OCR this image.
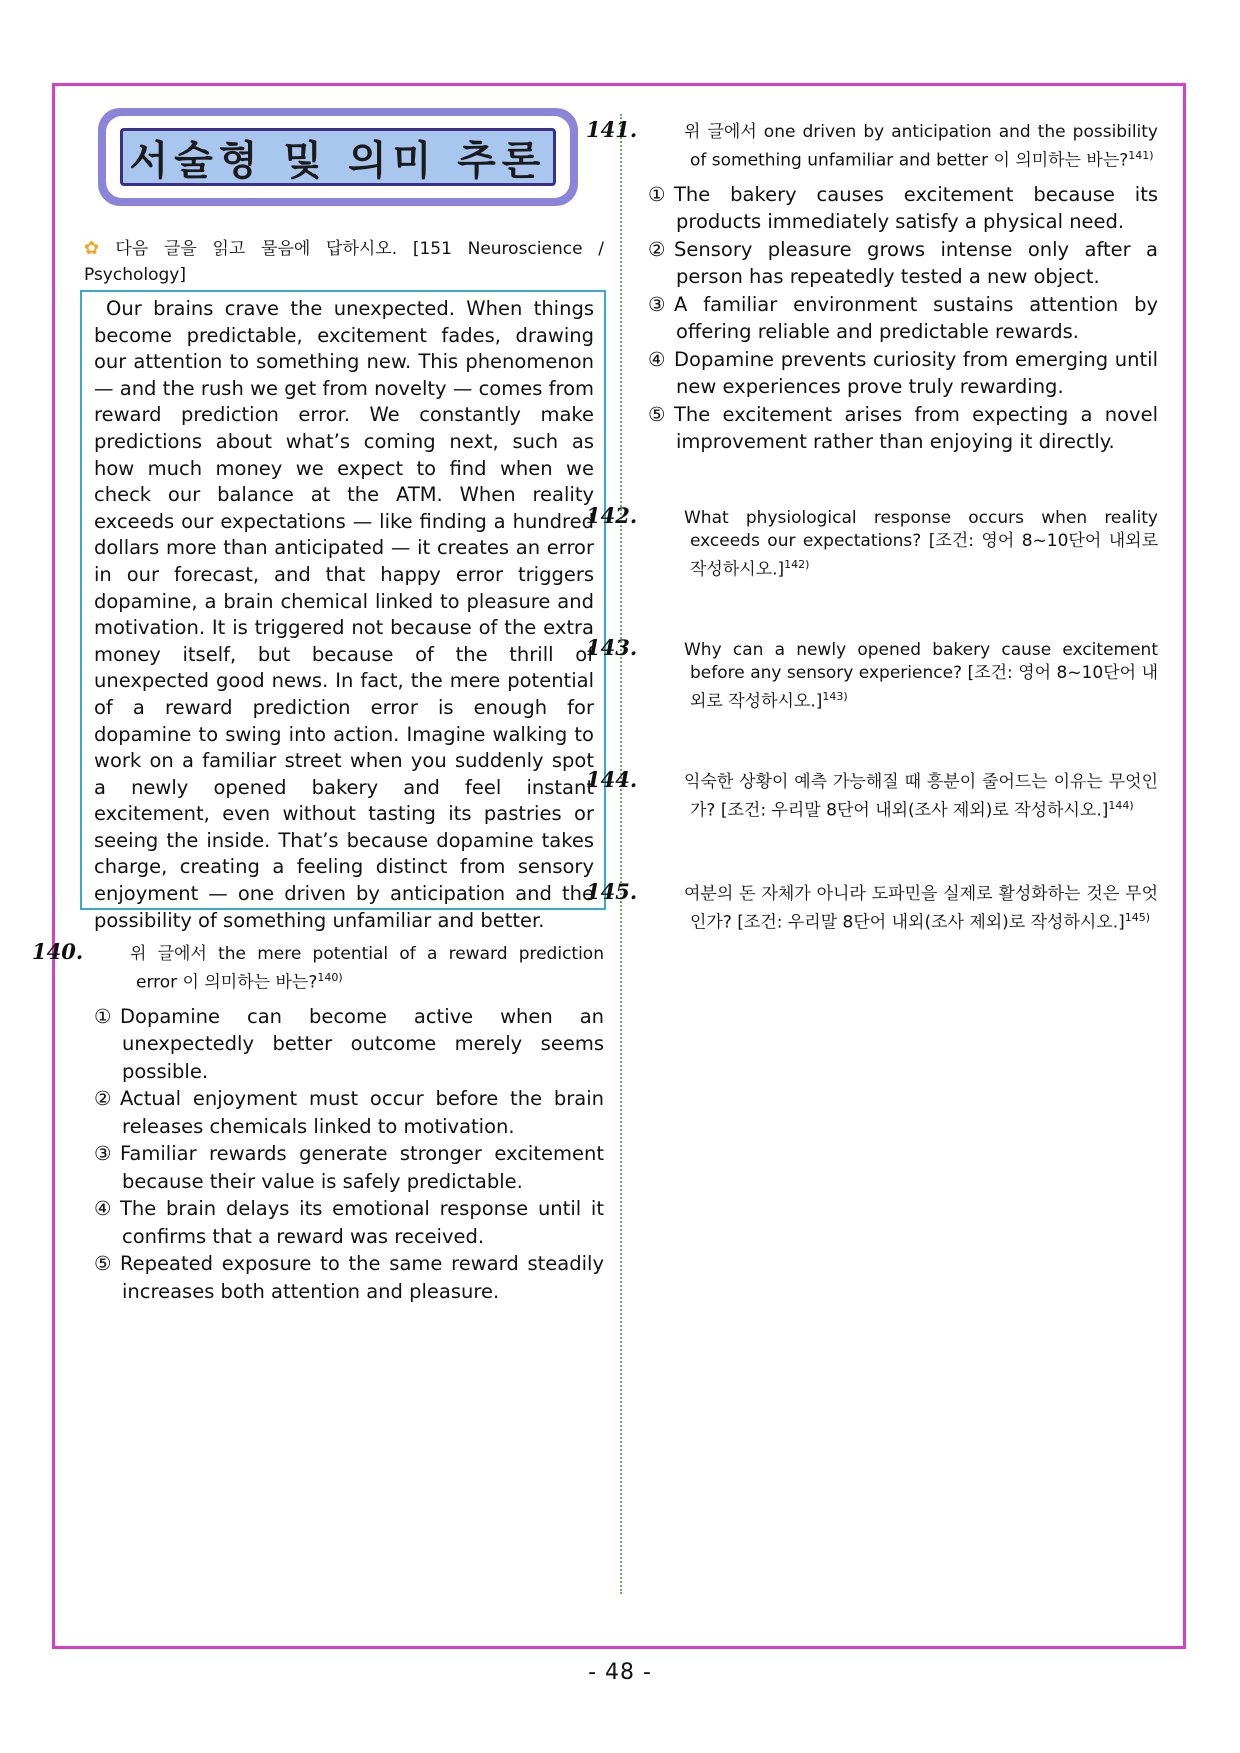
서술형 및 의미 추론
✿ 다음 글을 읽고 물음에 답하시오. [151 Neuroscience / Psychology]

Our brains crave the unexpected. When things become predictable, excitement fades, drawing our attention to something new. This phenomenon — and the rush we get from novelty — comes from reward prediction error. We constantly make predictions about what’s coming next, such as how much money we expect to find when we check our balance at the ATM. When reality exceeds our expectations — like finding a hundred dollars more than anticipated — it creates an error in our forecast, and that happy error triggers dopamine, a brain chemical linked to pleasure and motivation. It is triggered not because of the extra money itself, but because of the thrill of unexpected good news. In fact, the mere potential of a reward prediction error is enough for dopamine to swing into action. Imagine walking to work on a familiar street when you suddenly spot a newly opened bakery and feel instant excitement, even without tasting its pastries or seeing the inside. That’s because dopamine takes charge, creating a feeling distinct from sensory enjoyment — one driven by anticipation and the possibility of something unfamiliar and better.

140.	위 글에서 the mere potential of a reward prediction error 이 의미하는 바는?$^{140)}$
① Dopamine can become active when an unexpectedly better outcome merely seems possible.
② Actual enjoyment must occur before the brain releases chemicals linked to motivation.
③ Familiar rewards generate stronger excitement because their value is safely predictable.
④ The brain delays its emotional response until it confirms that a reward was received.
⑤ Repeated exposure to the same reward steadily increases both attention and pleasure.
141.	위 글에서 one driven by anticipation and the possibility of something unfamiliar and better 이 의미하는 바는?$^{141)}$
① The bakery causes excitement because its products immediately satisfy a physical need.
② Sensory pleasure grows intense only after a person has repeatedly tested a new object.
③ A familiar environment sustains attention by offering reliable and predictable rewards.
④ Dopamine prevents curiosity from emerging until new experiences prove truly rewarding.
⑤ The excitement arises from expecting a novel improvement rather than enjoying it directly.
142.	What physiological response occurs when reality exceeds our expectations? [조건: 영어 8~10단어 내외로 작성하시오.]$^{142)}$
143.	Why can a newly opened bakery cause excitement before any sensory experience? [조건: 영어 8~10단어 내외로 작성하시오.]$^{143)}$
144.	익숙한 상황이 예측 가능해질 때 흥분이 줄어드는 이유는 무엇인가? [조건: 우리말 8단어 내외(조사 제외)로 작성하시오.]$^{144)}$
145.	여분의 돈 자체가 아니라 도파민을 실제로 활성화하는 것은 무엇인가? [조건: 우리말 8단어 내외(조사 제외)로 작성하시오.]$^{145)}$
- 48 -
